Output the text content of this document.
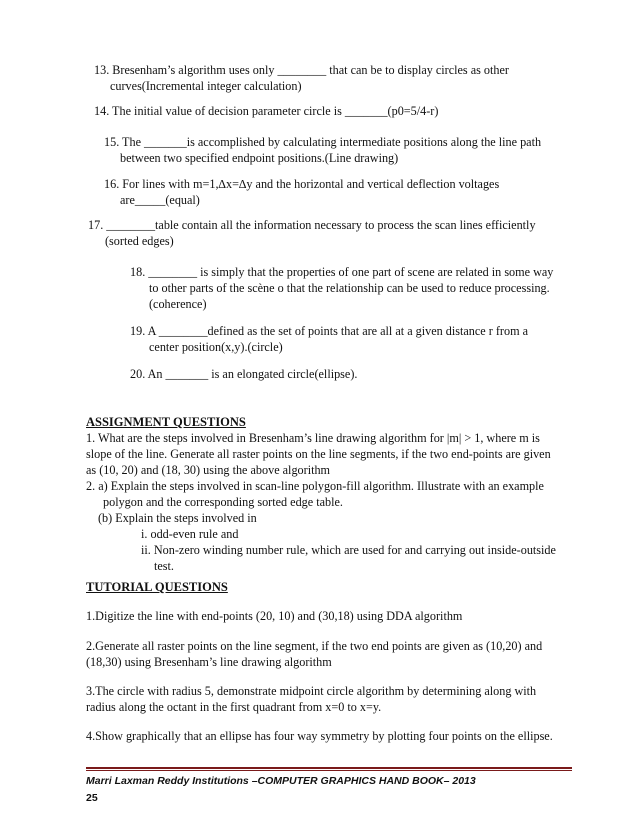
13. Bresenham’s algorithm uses only ________ that can be to display circles as other
curves(Incremental integer calculation)
14. The initial value of decision parameter circle is _______(p0=5/4-r)
15. The _______is accomplished by calculating intermediate positions along the line path
between two specified endpoint positions.(Line drawing)
16. For lines with m=1,∆x=∆y and the horizontal and vertical deflection voltages
are_____(equal)
17. ________table contain all the information necessary to process the scan lines efficiently
(sorted edges)
18. ________ is simply that the properties of one part of scene are related in some way
to other parts of the scène o that the relationship can be used to reduce processing.
(coherence)
19. A ________defined as the set of points that are all at a given distance r from a
center position(x,y).(circle)
20. An _______ is an elongated circle(ellipse).
ASSIGNMENT QUESTIONS
1. What are the steps involved in Bresenham’s line drawing algorithm for |m| > 1, where m is
slope of the line. Generate all raster points on the line segments, if the two end-points are given
as (10, 20) and (18, 30) using the above algorithm
2. a) Explain the steps involved in scan-line polygon-fill algorithm. Illustrate with an example
polygon and the corresponding sorted edge table.
(b) Explain the steps involved in
i. odd-even rule and
ii. Non-zero winding number rule, which are used for and carrying out inside-outside
test.
TUTORIAL QUESTIONS
1.Digitize the line with end-points (20, 10) and (30,18) using DDA algorithm
2.Generate all raster points on the line segment, if the two end points are given as (10,20) and
(18,30) using Bresenham’s line drawing algorithm
3.The circle with radius 5, demonstrate midpoint circle algorithm by determining along with
radius along the octant in the first quadrant from x=0 to x=y.
4.Show graphically that an ellipse has four way symmetry by plotting four points on the ellipse.
Marri Laxman Reddy Institutions –COMPUTER GRAPHICS HAND BOOK– 2013
25
